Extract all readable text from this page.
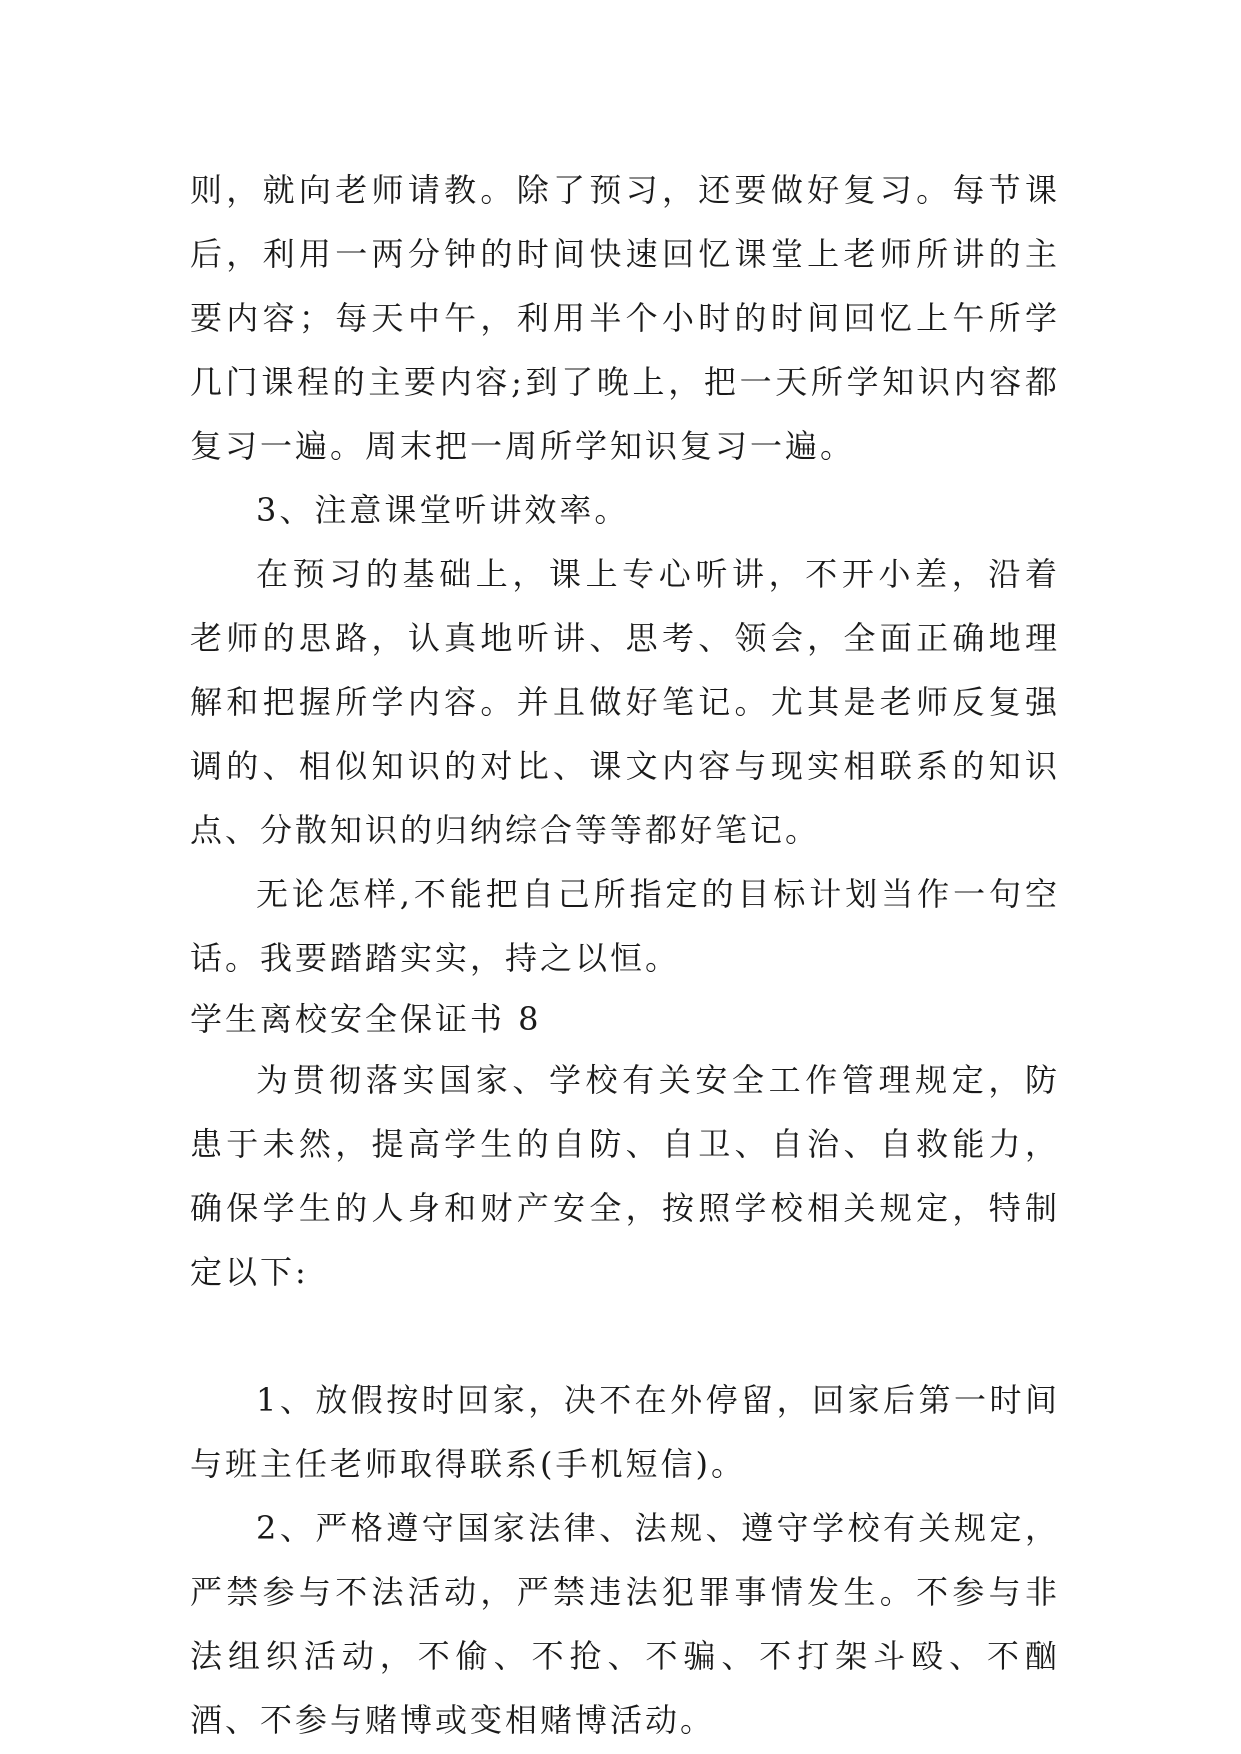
则，就向老师请教。除了预习，还要做好复习。每节课后，利用一两分钟的时间快速回忆课堂上老师所讲的主要内容；每天中午，利用半个小时的时间回忆上午所学几门课程的主要内容;到了晚上，把一天所学知识内容都复习一遍。周末把一周所学知识复习一遍。

3、注意课堂听讲效率。

在预习的基础上，课上专心听讲，不开小差，沿着老师的思路，认真地听讲、思考、领会，全面正确地理解和把握所学内容。并且做好笔记。尤其是老师反复强调的、相似知识的对比、课文内容与现实相联系的知识点、分散知识的归纳综合等等都好笔记。

无论怎样,不能把自己所指定的目标计划当作一句空话。我要踏踏实实，持之以恒。

学生离校安全保证书 8

为贯彻落实国家、学校有关安全工作管理规定，防患于未然，提高学生的自防、自卫、自治、自救能力，确保学生的人身和财产安全，按照学校相关规定，特制定以下:

1、放假按时回家，决不在外停留，回家后第一时间与班主任老师取得联系(手机短信)。

2、严格遵守国家法律、法规、遵守学校有关规定，严禁参与不法活动，严禁违法犯罪事情发生。不参与非法组织活动，不偷、不抢、不骗、不打架斗殴、不酗酒、不参与赌博或变相赌博活动。
